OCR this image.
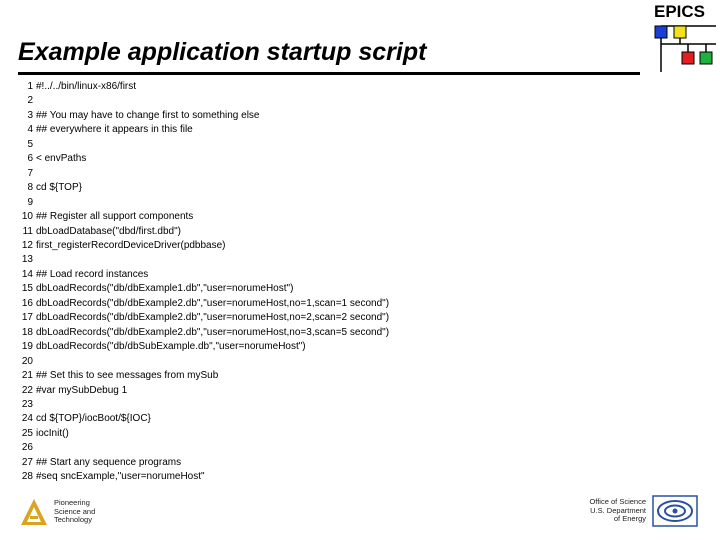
Example application startup script
EPICS
1 #!../../bin/linux-x86/first
2
3 ## You may have to change first to something else
4 ## everywhere it appears in this file
5
6 < envPaths
7
8 cd ${TOP}
9
10 ## Register all support components
11 dbLoadDatabase("dbd/first.dbd")
12 first_registerRecordDeviceDriver(pdbbase)
13
14 ## Load record instances
15 dbLoadRecords("db/dbExample1.db","user=norumeHost")
16 dbLoadRecords("db/dbExample2.db","user=norumeHost,no=1,scan=1 second")
17 dbLoadRecords("db/dbExample2.db","user=norumeHost,no=2,scan=2 second")
18 dbLoadRecords("db/dbExample2.db","user=norumeHost,no=3,scan=5 second")
19 dbLoadRecords("db/dbSubExample.db","user=norumeHost")
20
21 ## Set this to see messages from mySub
22 #var mySubDebug 1
23
24 cd ${TOP}/iocBoot/${IOC}
25 iocInit()
26
27 ## Start any sequence programs
28 #seq sncExample,"user=norumeHost"
Pioneering
Science and
Technology
Office of Science
U.S. Department
of Energy
